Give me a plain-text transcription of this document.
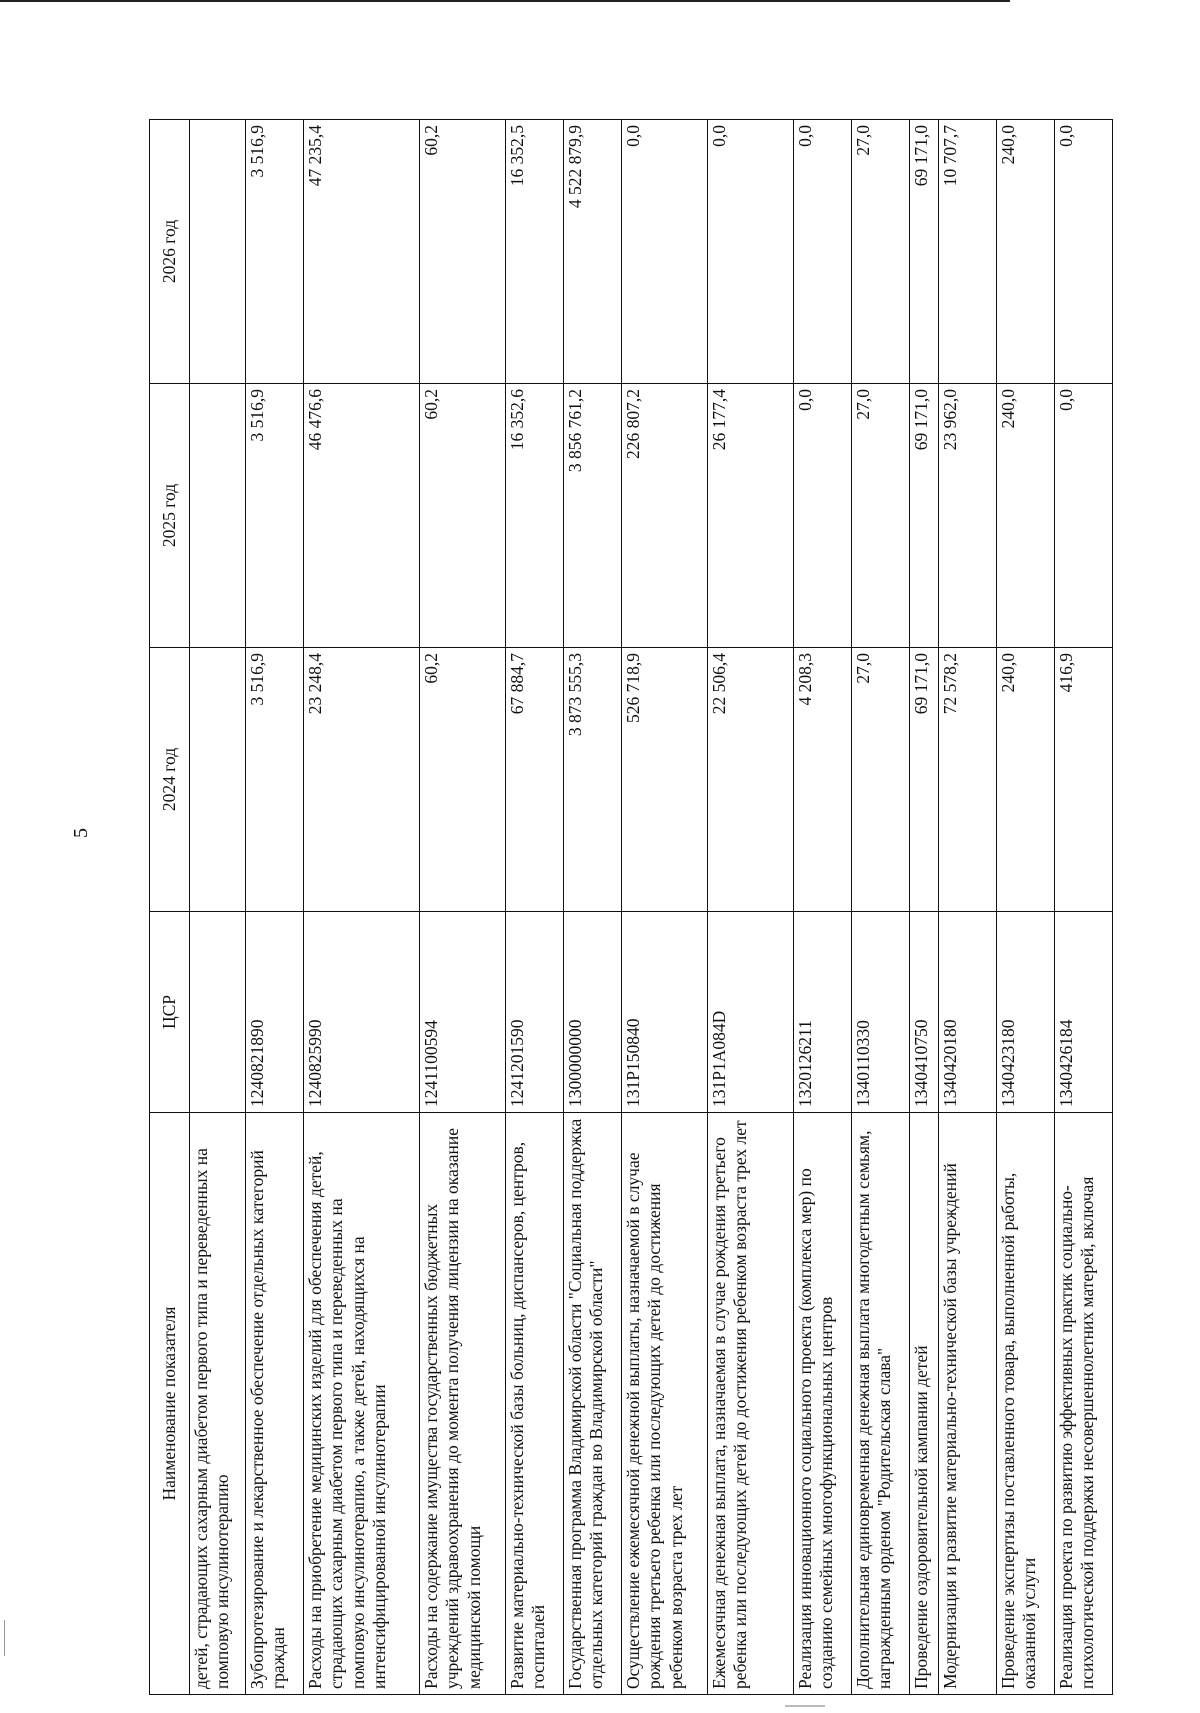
5
Наименование показателя	ЦСР	2024 год	2025 год	2026 год
детей, страдающих сахарным диабетом первого типа и переведенных на помповую инсулинотерапию				
Зубопротезирование и лекарственное обеспечение отдельных категорий граждан	1240821890	3 516,9	3 516,9	3 516,9
Расходы на приобретение медицинских изделий для обеспечения детей, страдающих сахарным диабетом первого типа и переведенных на помповую инсулинотерапию, а также детей, находящихся на интенсифицированной инсулинотерапии	1240825990	23 248,4	46 476,6	47 235,4
Расходы на содержание имущества государственных бюджетных учреждений здравоохранения до момента получения лицензии на оказание медицинской помощи	1241100594	60,2	60,2	60,2
Развитие материально-технической базы больниц, диспансеров, центров, госпиталей	1241201590	67 884,7	16 352,6	16 352,5
Государственная программа Владимирской области "Социальная поддержка отдельных категорий граждан во Владимирской области"	1300000000	3 873 555,3	3 856 761,2	4 522 879,9
Осуществление ежемесячной денежной выплаты, назначаемой в случае рождения третьего ребенка или последующих детей до достижения ребенком возраста трех лет	131P150840	526 718,9	226 807,2	0,0
Ежемесячная денежная выплата, назначаемая в случае рождения третьего ребенка или последующих детей до достижения ребенком возраста трех лет	131P1A084D	22 506,4	26 177,4	0,0
Реализация инновационного социального проекта (комплекса мер) по созданию семейных многофункциональных центров	1320126211	4 208,3	0,0	0,0
Дополнительная единовременная денежная выплата многодетным семьям, награжденным орденом "Родительская слава"	1340110330	27,0	27,0	27,0
Проведение оздоровительной кампании детей	1340410750	69 171,0	69 171,0	69 171,0
Модернизация и развитие материально-технической базы учреждений	1340420180	72 578,2	23 962,0	10 707,7
Проведение экспертизы поставленного товара, выполненной работы, оказанной услуги	1340423180	240,0	240,0	240,0
Реализация проекта по развитию эффективных практик социально-психологической поддержки несовершеннолетних матерей, включая	1340426184	416,9	0,0	0,0
